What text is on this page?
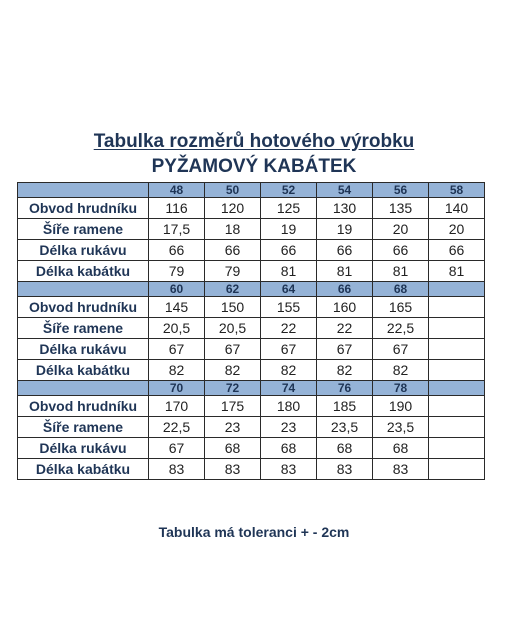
Tabulka rozměrů hotového výrobku
PYŽAMOVÝ KABÁTEK
	48	50	52	54	56	58
Obvod hrudníku	116	120	125	130	135	140
Šíře ramene	17,5	18	19	19	20	20
Délka rukávu	66	66	66	66	66	66
Délka kabátku	79	79	81	81	81	81
	60	62	64	66	68	
Obvod hrudníku	145	150	155	160	165	
Šíře ramene	20,5	20,5	22	22	22,5	
Délka rukávu	67	67	67	67	67	
Délka kabátku	82	82	82	82	82	
	70	72	74	76	78	
Obvod hrudníku	170	175	180	185	190	
Šíře ramene	22,5	23	23	23,5	23,5	
Délka rukávu	67	68	68	68	68	
Délka kabátku	83	83	83	83	83	
Tabulka má toleranci + - 2cm
